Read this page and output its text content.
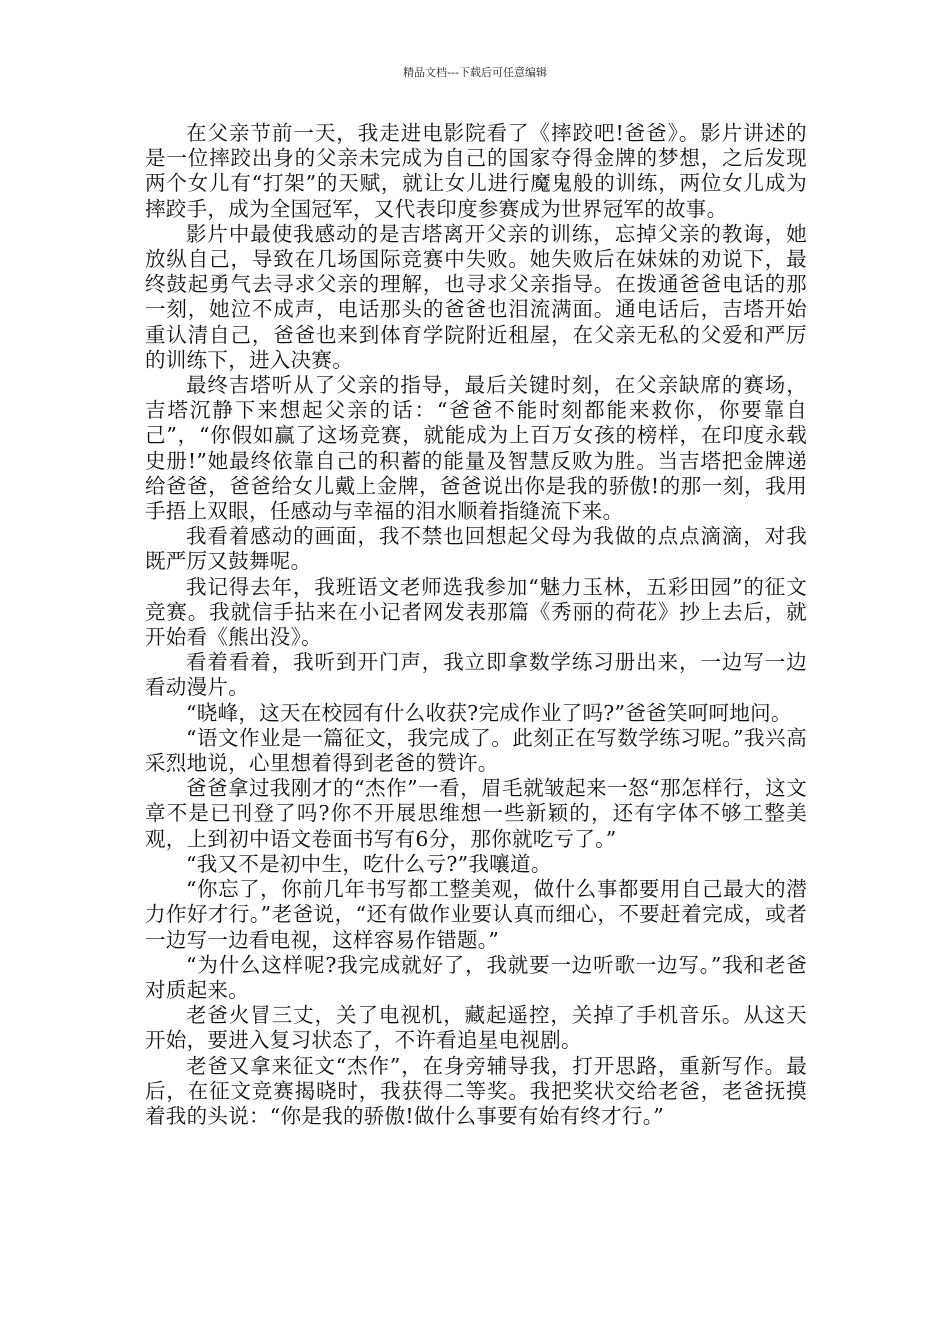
精品文档---下载后可任意编辑

在父亲节前一天，我走进电影院看了《摔跤吧!爸爸》。影片讲述的是一位摔跤出身的父亲未完成为自己的国家夺得金牌的梦想，之后发现两个女儿有“打架”的天赋，就让女儿进行魔鬼般的训练，两位女儿成为摔跤手，成为全国冠军，又代表印度参赛成为世界冠军的故事。

影片中最使我感动的是吉塔离开父亲的训练，忘掉父亲的教诲，她放纵自己，导致在几场国际竞赛中失败。她失败后在妹妹的劝说下，最终鼓起勇气去寻求父亲的理解，也寻求父亲指导。在拨通爸爸电话的那一刻，她泣不成声，电话那头的爸爸也泪流满面。通电话后，吉塔开始重认清自己，爸爸也来到体育学院附近租屋，在父亲无私的父爱和严厉的训练下，进入决赛。

最终吉塔听从了父亲的指导，最后关键时刻，在父亲缺席的赛场，吉塔沉静下来想起父亲的话：“爸爸不能时刻都能来救你，你要靠自己”，“你假如赢了这场竞赛，就能成为上百万女孩的榜样，在印度永载史册!”她最终依靠自己的积蓄的能量及智慧反败为胜。当吉塔把金牌递给爸爸，爸爸给女儿戴上金牌，爸爸说出你是我的骄傲!的那一刻，我用手捂上双眼，任感动与幸福的泪水顺着指缝流下来。

我看着感动的画面，我不禁也回想起父母为我做的点点滴滴，对我既严厉又鼓舞呢。

我记得去年，我班语文老师选我参加“魅力玉林，五彩田园”的征文竞赛。我就信手拈来在小记者网发表那篇《秀丽的荷花》抄上去后，就开始看《熊出没》。

看着看着，我听到开门声，我立即拿数学练习册出来，一边写一边看动漫片。

“晓峰，这天在校园有什么收获?完成作业了吗?”爸爸笑呵呵地问。

“语文作业是一篇征文，我完成了。此刻正在写数学练习呢。”我兴高采烈地说，心里想着得到老爸的赞许。

爸爸拿过我刚才的“杰作”一看，眉毛就皱起来一怒“那怎样行，这文章不是已刊登了吗?你不开展思维想一些新颖的，还有字体不够工整美观，上到初中语文卷面书写有6分，那你就吃亏了。”

“我又不是初中生，吃什么亏?”我嚷道。

“你忘了，你前几年书写都工整美观，做什么事都要用自己最大的潜力作好才行。”老爸说，“还有做作业要认真而细心，不要赶着完成，或者一边写一边看电视，这样容易作错题。”

“为什么这样呢?我完成就好了，我就要一边听歌一边写。”我和老爸对质起来。

老爸火冒三丈，关了电视机，藏起遥控，关掉了手机音乐。从这天开始，要进入复习状态了，不许看追星电视剧。

老爸又拿来征文“杰作”，在身旁辅导我，打开思路，重新写作。最后，在征文竞赛揭晓时，我获得二等奖。我把奖状交给老爸，老爸抚摸着我的头说：“你是我的骄傲!做什么事要有始有终才行。”
